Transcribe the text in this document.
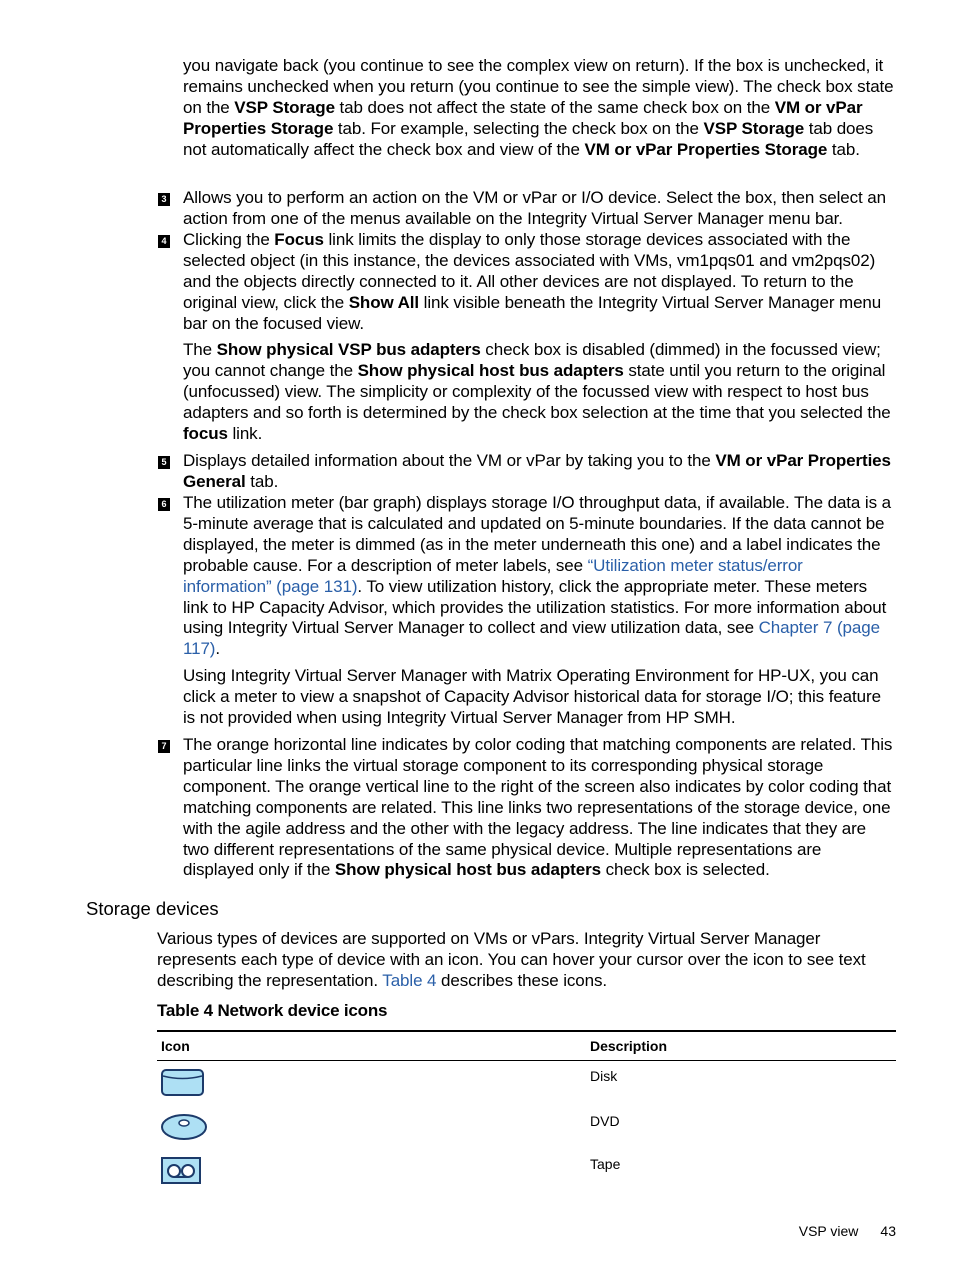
you navigate back (you continue to see the complex view on return). If the box is unchecked, it remains unchecked when you return (you continue to see the simple view). The check box state on the VSP Storage tab does not affect the state of the same check box on the VM or vPar Properties Storage tab. For example, selecting the check box on the VSP Storage tab does not automatically affect the check box and view of the VM or vPar Properties Storage tab.
3 Allows you to perform an action on the VM or vPar or I/O device. Select the box, then select an action from one of the menus available on the Integrity Virtual Server Manager menu bar.
4 Clicking the Focus link limits the display to only those storage devices associated with the selected object (in this instance, the devices associated with VMs, vm1pqs01 and vm2pqs02) and the objects directly connected to it. All other devices are not displayed. To return to the original view, click the Show All link visible beneath the Integrity Virtual Server Manager menu bar on the focused view.
The Show physical VSP bus adapters check box is disabled (dimmed) in the focussed view; you cannot change the Show physical host bus adapters state until you return to the original (unfocussed) view. The simplicity or complexity of the focussed view with respect to host bus adapters and so forth is determined by the check box selection at the time that you selected the focus link.
5 Displays detailed information about the VM or vPar by taking you to the VM or vPar Properties General tab.
6 The utilization meter (bar graph) displays storage I/O throughput data, if available. The data is a 5-minute average that is calculated and updated on 5-minute boundaries. If the data cannot be displayed, the meter is dimmed (as in the meter underneath this one) and a label indicates the probable cause. For a description of meter labels, see “Utilization meter status/error information” (page 131). To view utilization history, click the appropriate meter. These meters link to HP Capacity Advisor, which provides the utilization statistics. For more information about using Integrity Virtual Server Manager to collect and view utilization data, see Chapter 7 (page 117).
Using Integrity Virtual Server Manager with Matrix Operating Environment for HP-UX, you can click a meter to view a snapshot of Capacity Advisor historical data for storage I/O; this feature is not provided when using Integrity Virtual Server Manager from HP SMH.
7 The orange horizontal line indicates by color coding that matching components are related. This particular line links the virtual storage component to its corresponding physical storage component. The orange vertical line to the right of the screen also indicates by color coding that matching components are related. This line links two representations of the storage device, one with the agile address and the other with the legacy address. The line indicates that they are two different representations of the same physical device. Multiple representations are displayed only if the Show physical host bus adapters check box is selected.
Storage devices
Various types of devices are supported on VMs or vPars. Integrity Virtual Server Manager represents each type of device with an icon. You can hover your cursor over the icon to see text describing the representation. Table 4 describes these icons.
Table 4 Network device icons
Icon	Description
Disk
DVD
Tape
VSP view 43
